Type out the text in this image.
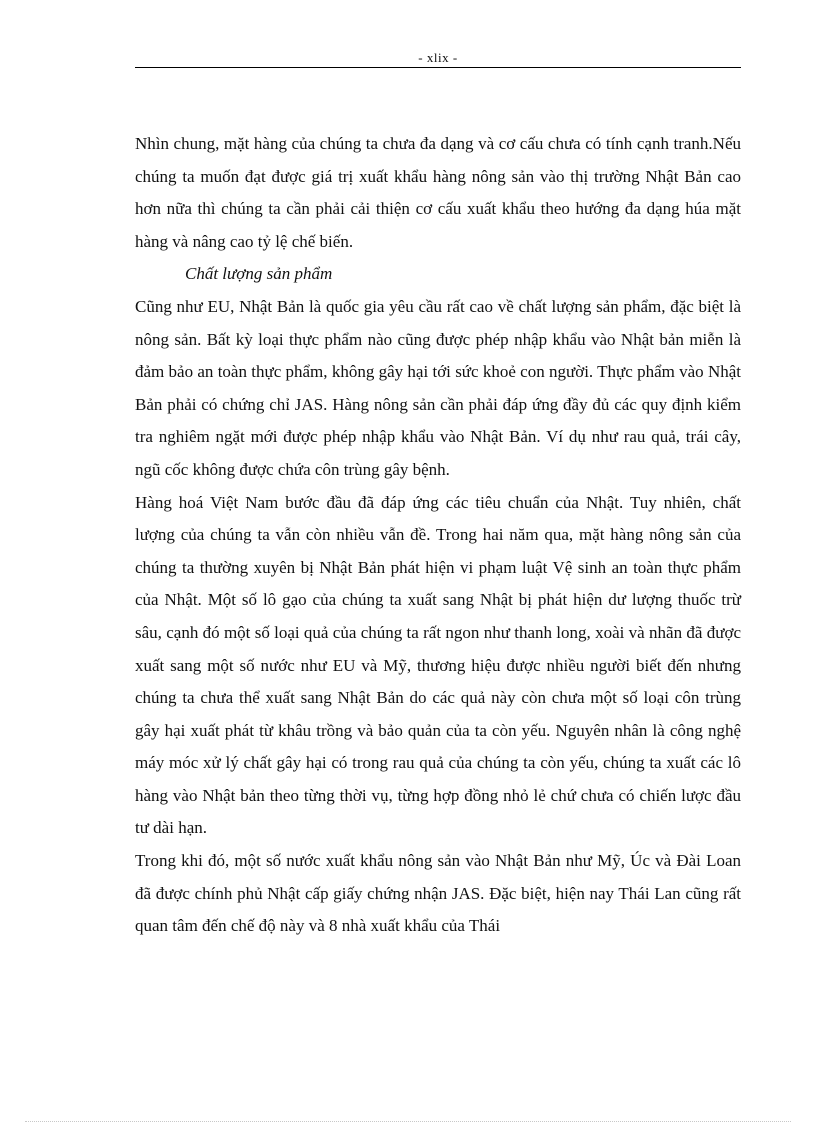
- xlix -

Nhìn chung, mặt hàng của chúng ta chưa đa dạng và cơ cấu chưa có tính cạnh tranh.Nếu chúng ta muốn đạt được giá trị xuất khẩu hàng nông sản vào thị trường Nhật Bản cao hơn nữa thì chúng ta cần phải cải thiện cơ cấu xuất khẩu theo hướng đa dạng húa mặt hàng và nâng cao tỷ lệ chế biến.

Chất lượng sản phẩm

Cũng như EU, Nhật Bản là quốc gia yêu cầu rất cao về chất lượng sản phẩm, đặc biệt là nông sản. Bất kỳ loại thực phẩm nào cũng được phép nhập khẩu vào Nhật bản miễn là đảm bảo an toàn thực phẩm, không gây hại tới sức khoẻ con người. Thực phẩm vào Nhật Bản phải có chứng chỉ JAS. Hàng nông sản cần phải đáp ứng đầy đủ các quy định kiểm tra nghiêm ngặt mới được phép nhập khẩu vào Nhật Bản. Ví dụ như rau quả, trái cây, ngũ cốc không được chứa côn trùng gây bệnh.

Hàng hoá Việt Nam bước đầu đã đáp ứng các tiêu chuẩn của Nhật. Tuy nhiên, chất lượng của chúng ta vẫn còn nhiều vẫn đề. Trong hai năm qua, mặt hàng nông sản của chúng ta thường xuyên bị Nhật Bản phát hiện vi phạm luật Vệ sinh an toàn thực phẩm của Nhật. Một số lô gạo của chúng ta xuất sang Nhật bị phát hiện dư lượng thuốc trừ sâu, cạnh đó một số loại quả của chúng ta rất ngon như thanh long, xoài và nhãn đã được xuất sang một số nước như EU và Mỹ, thương hiệu được nhiều người biết đến nhưng chúng ta chưa thể xuất sang Nhật Bản do các quả này còn chưa một số loại côn trùng gây hại xuất phát từ khâu trồng và bảo quản của ta còn yếu. Nguyên nhân là công nghệ máy móc xử lý chất gây hại có trong rau quả của chúng ta còn yếu, chúng ta xuất các lô hàng vào Nhật bản theo từng thời vụ, từng hợp đồng nhỏ lẻ chứ chưa có chiến lược đầu tư dài hạn.

Trong khi đó, một số nước xuất khẩu nông sản vào Nhật Bản như Mỹ, Úc và Đài Loan đã được chính phủ Nhật cấp giấy chứng nhận JAS. Đặc biệt, hiện nay Thái Lan cũng rất quan tâm đến chế độ này và 8 nhà xuất khẩu của Thái
